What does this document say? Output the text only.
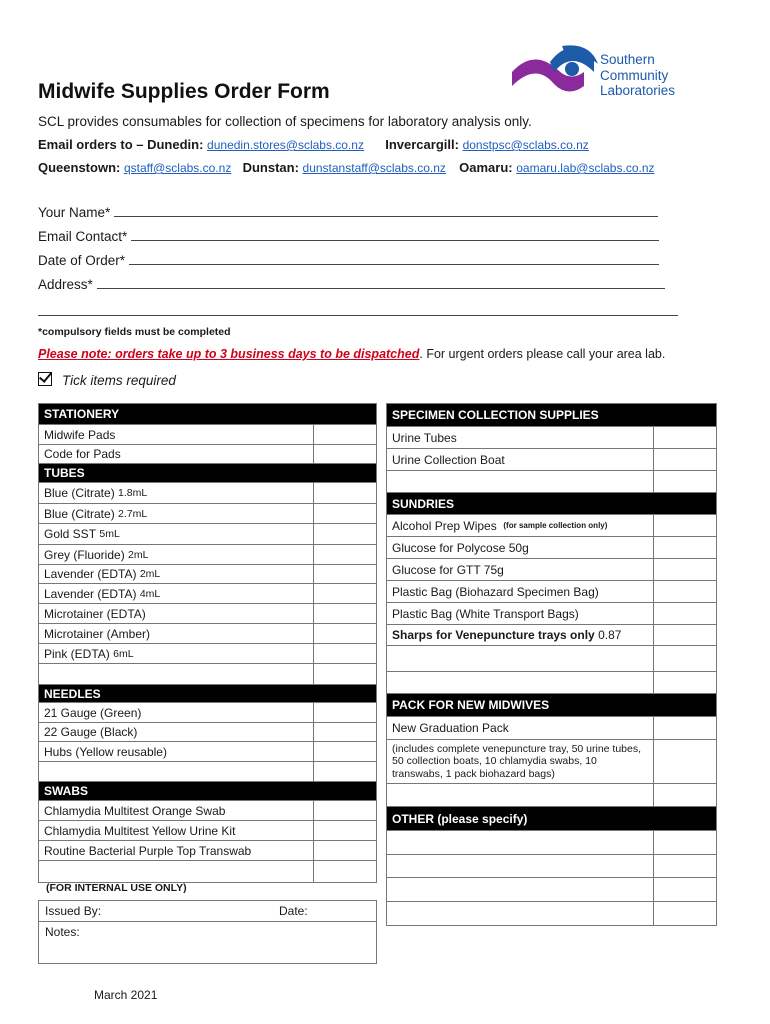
Midwife Supplies Order Form
SCL provides consumables for collection of specimens for laboratory analysis only.
Email orders to – Dunedin: dunedin.stores@sclabs.co.nz Invercargill: donstpsc@sclabs.co.nz
Queenstown: qstaff@sclabs.co.nz Dunstan: dunstanstaff@sclabs.co.nz Oamaru: oamaru.lab@sclabs.co.nz
Southern
Community
Laboratories
Your Name*
Email Contact*
Date of Order*
Address*
*compulsory fields must be completed
Please note: orders take up to 3 business days to be dispatched. For urgent orders please call your area lab.
Tick items required
STATIONERY
Midwife Pads
Code for Pads
TUBES
Blue (Citrate)
1.8mL
Blue (Citrate)
2.7mL
Gold SST
5mL
Grey (Fluoride)
2mL
Lavender (EDTA)
2mL
Lavender (EDTA)
4mL
Microtainer (EDTA)
Microtainer (Amber)
Pink (EDTA)
6mL
NEEDLES
21 Gauge (Green)
22 Gauge (Black)
Hubs (Yellow reusable)
SWABS
Chlamydia Multitest Orange Swab
Chlamydia Multitest Yellow Urine Kit
Routine Bacterial Purple Top Transwab
SPECIMEN COLLECTION SUPPLIES
Urine Tubes
Urine Collection Boat
SUNDRIES
Alcohol Prep Wipes
(for sample collection only)
Glucose for Polycose 50g
Glucose for GTT 75g
Plastic Bag (Biohazard Specimen Bag)
Plastic Bag (White Transport Bags)
Sharps for Venepuncture trays only
0.87
PACK FOR NEW MIDWIVES
New Graduation Pack
(includes complete venepuncture tray, 50 urine tubes, 50 collection boats, 10 chlamydia swabs, 10 transwabs, 1 pack biohazard bags)
OTHER (please specify)
(FOR INTERNAL USE ONLY)
Issued By:	Date:
Notes:
March 2021
